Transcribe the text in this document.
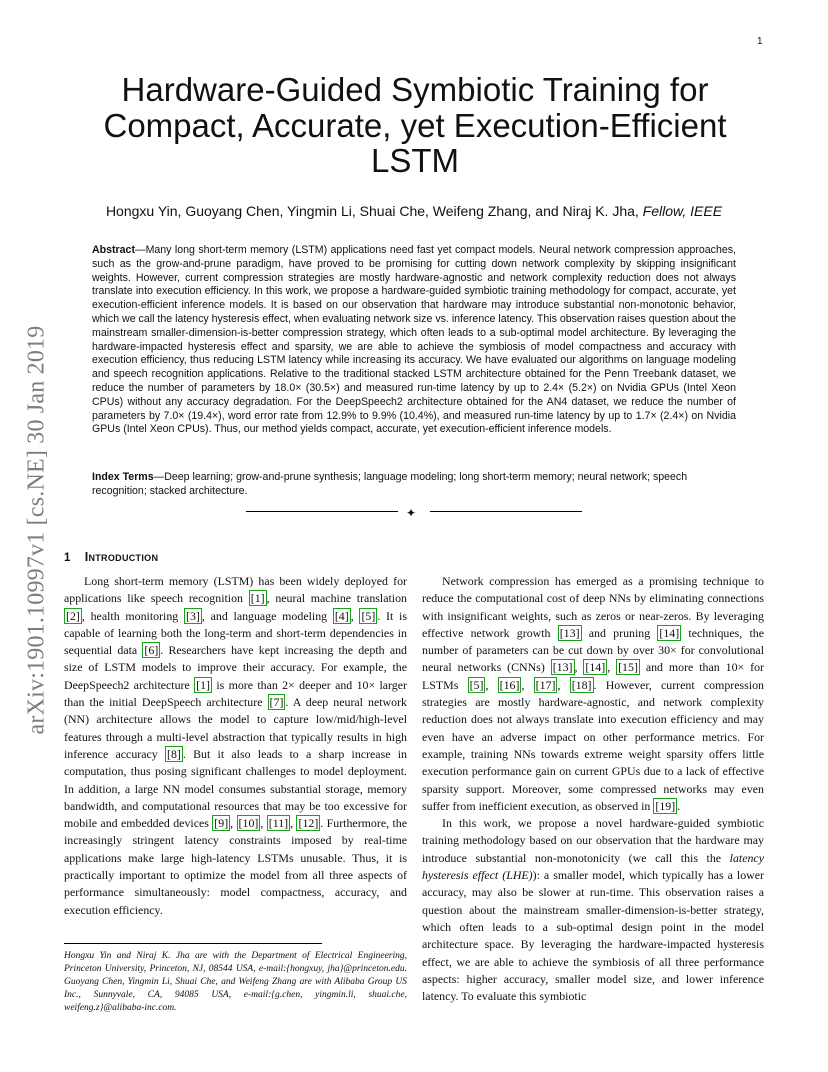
1
arXiv:1901.10997v1 [cs.NE] 30 Jan 2019
Hardware-Guided Symbiotic Training for Compact, Accurate, yet Execution-Efficient LSTM
Hongxu Yin, Guoyang Chen, Yingmin Li, Shuai Che, Weifeng Zhang, and Niraj K. Jha, Fellow, IEEE
Abstract—Many long short-term memory (LSTM) applications need fast yet compact models. Neural network compression approaches, such as the grow-and-prune paradigm, have proved to be promising for cutting down network complexity by skipping insignificant weights. However, current compression strategies are mostly hardware-agnostic and network complexity reduction does not always translate into execution efficiency. In this work, we propose a hardware-guided symbiotic training methodology for compact, accurate, yet execution-efficient inference models. It is based on our observation that hardware may introduce substantial non-monotonic behavior, which we call the latency hysteresis effect, when evaluating network size vs. inference latency. This observation raises question about the mainstream smaller-dimension-is-better compression strategy, which often leads to a sub-optimal model architecture. By leveraging the hardware-impacted hysteresis effect and sparsity, we are able to achieve the symbiosis of model compactness and accuracy with execution efficiency, thus reducing LSTM latency while increasing its accuracy. We have evaluated our algorithms on language modeling and speech recognition applications. Relative to the traditional stacked LSTM architecture obtained for the Penn Treebank dataset, we reduce the number of parameters by 18.0× (30.5×) and measured run-time latency by up to 2.4× (5.2×) on Nvidia GPUs (Intel Xeon CPUs) without any accuracy degradation. For the DeepSpeech2 architecture obtained for the AN4 dataset, we reduce the number of parameters by 7.0× (19.4×), word error rate from 12.9% to 9.9% (10.4%), and measured run-time latency by up to 1.7× (2.4×) on Nvidia GPUs (Intel Xeon CPUs). Thus, our method yields compact, accurate, yet execution-efficient inference models.
Index Terms—Deep learning; grow-and-prune synthesis; language modeling; long short-term memory; neural network; speech recognition; stacked architecture.
✦
1 Introduction

Long short-term memory (LSTM) has been widely deployed for applications like speech recognition [1] , neural machine translation [2] , health monitoring [3] , and language modeling [4] , [5] . It is capable of learning both the long-term and short-term dependencies in sequential data [6] . Researchers have kept increasing the depth and size of LSTM models to improve their accuracy. For example, the DeepSpeech2 architecture [1] is more than 2× deeper and 10× larger than the initial DeepSpeech architecture [7] . A deep neural network (NN) architecture allows the model to capture low/mid/high-level features through a multi-level abstraction that typically results in high inference accuracy [8] . But it also leads to a sharp increase in computation, thus posing significant challenges to model deployment. In addition, a large NN model consumes substantial storage, memory bandwidth, and computational resources that may be too excessive for mobile and embedded devices [9] , [10] , [11] , [12] . Furthermore, the increasingly stringent latency constraints imposed by real-time applications make large high-latency LSTMs unusable. Thus, it is practically important to optimize the model from all three aspects of performance simultaneously: model compactness, accuracy, and execution efficiency.

Hongxu Yin and Niraj K. Jha are with the Department of Electrical Engineering, Princeton University, Princeton, NJ, 08544 USA, e-mail:{hongxuy, jha}@princeton.edu. Guoyang Chen, Yingmin Li, Shuai Che, and Weifeng Zhang are with Alibaba Group US Inc., Sunnyvale, CA, 94085 USA, e-mail:{g.chen, yingmin.li, shuai.che, weifeng.z}@alibaba-inc.com.

Network compression has emerged as a promising technique to reduce the computational cost of deep NNs by eliminating connections with insignificant weights, such as zeros or near-zeros. By leveraging effective network growth [13] and pruning [14] techniques, the number of parameters can be cut down by over 30× for convolutional neural networks (CNNs) [13] , [14] , [15] and more than 10× for LSTMs [5] , [16] , [17] , [18] . However, current compression strategies are mostly hardware-agnostic, and network complexity reduction does not always translate into execution efficiency and may even have an adverse impact on other performance metrics. For example, training NNs towards extreme weight sparsity offers little execution performance gain on current GPUs due to a lack of effective sparsity support. Moreover, some compressed networks may even suffer from inefficient execution, as observed in [19] .

In this work, we propose a novel hardware-guided symbiotic training methodology based on our observation that the hardware may introduce substantial non-monotonicity (we call this the latency hysteresis effect (LHE)): a smaller model, which typically has a lower accuracy, may also be slower at run-time. This observation raises a question about the mainstream smaller-dimension-is-better strategy, which often leads to a sub-optimal design point in the model architecture space. By leveraging the hardware-impacted hysteresis effect, we are able to achieve the symbiosis of all three performance aspects: higher accuracy, smaller model size, and lower inference latency. To evaluate this symbiotic
